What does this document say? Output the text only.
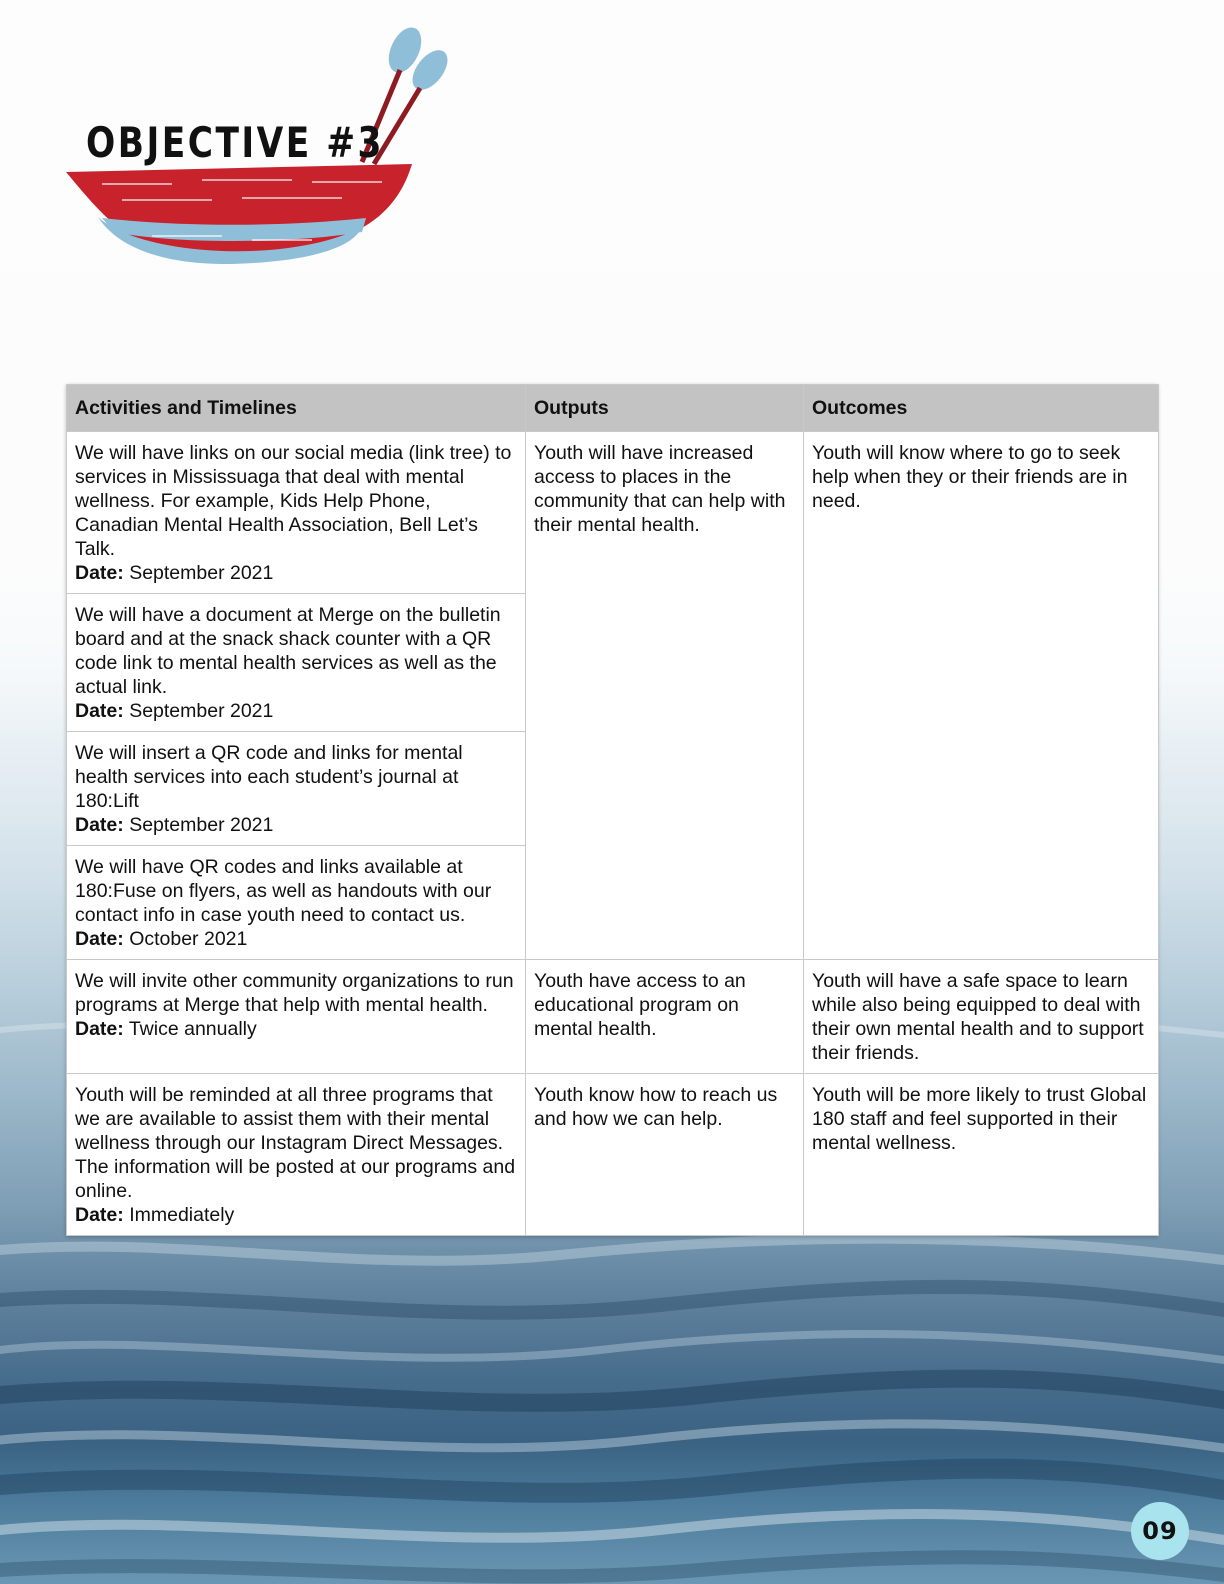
OBJECTIVE #3
Activities and Timelines	Outputs	Outcomes
We will have links on our social media (link tree) to services in Mississuaga that deal with mental wellness. For example, Kids Help Phone, Canadian Mental Health Association, Bell Let’s Talk.
Date: September 2021	Youth will have increased access to places in the community that can help with their mental health.	Youth will know where to go to seek help when they or their friends are in need.
We will have a document at Merge on the bulletin board and at the snack shack counter with a QR code link to mental health services as well as the actual link.
Date: September 2021		
We will insert a QR code and links for mental health services into each student’s journal at 180:Lift
Date: September 2021		
We will have QR codes and links available at 180:Fuse on flyers, as well as handouts with our contact info in case youth need to contact us.
Date: October 2021		
We will invite other community organizations to run programs at Merge that help with mental health.
Date: Twice annually	Youth have access to an educational program on mental health.	Youth will have a safe space to learn while also being equipped to deal with their own mental health and to support their friends.
Youth will be reminded at all three programs that we are available to assist them with their mental wellness through our Instagram Direct Messages. The information will be posted at our programs and online.
Date: Immediately	Youth know how to reach us and how we can help.	Youth will be more likely to trust Global 180 staff and feel supported in their mental wellness.
09
